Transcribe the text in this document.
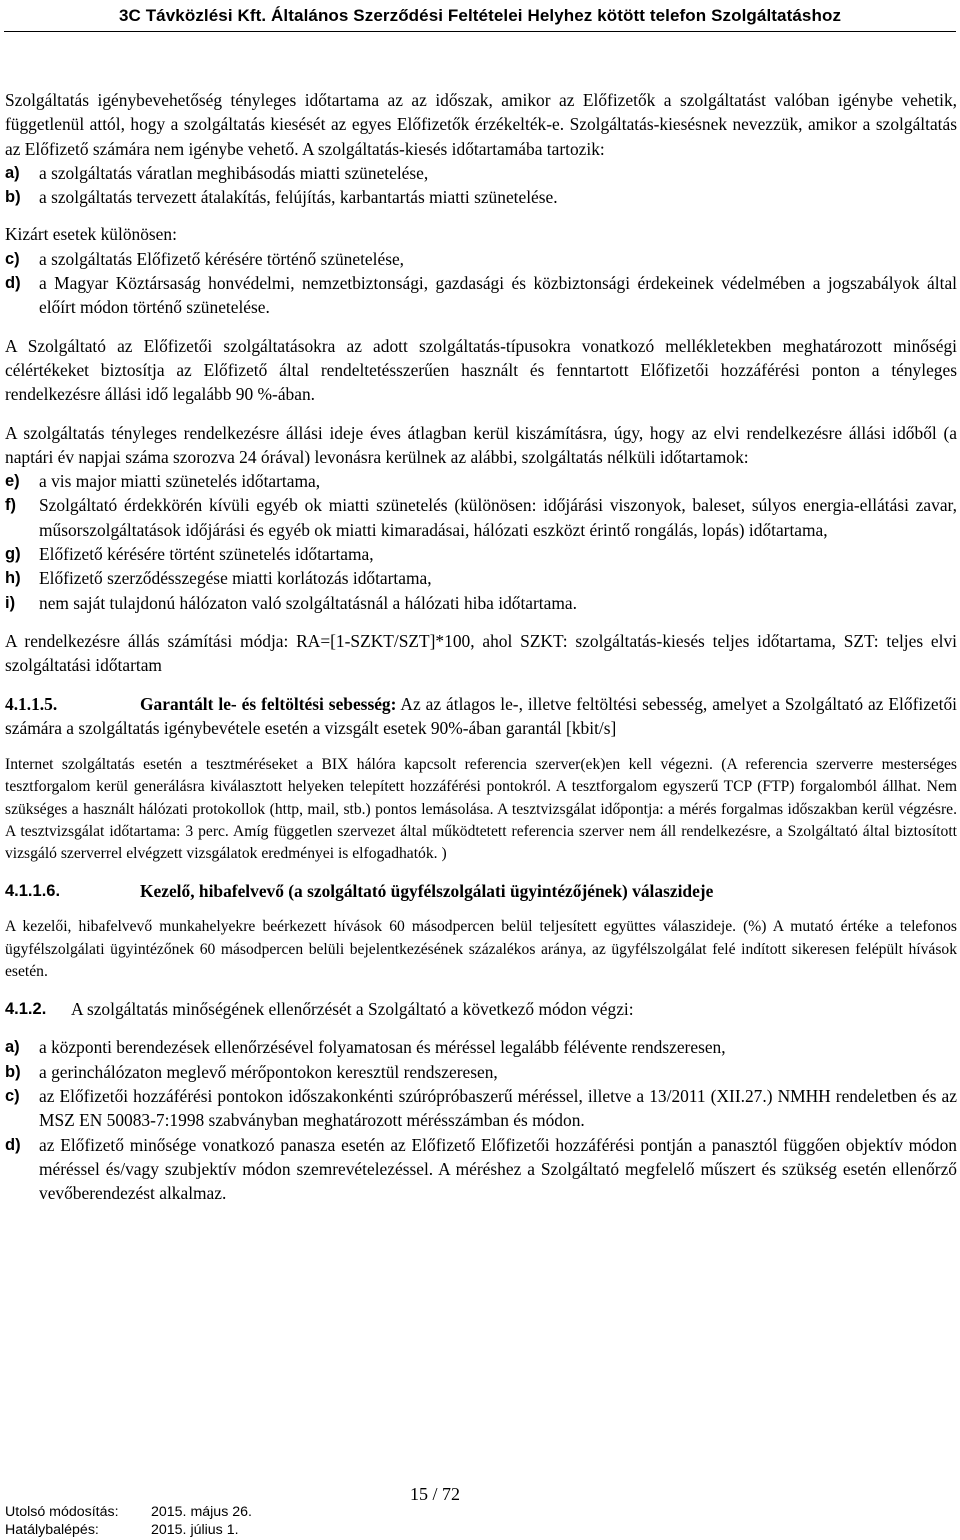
3C Távközlési Kft. Általános Szerződési Feltételei Helyhez kötött telefon Szolgáltatáshoz

Szolgáltatás igénybevehetőség tényleges időtartama az az időszak, amikor az Előfizetők a szolgáltatást valóban igénybe vehetik, függetlenül attól, hogy a szolgáltatás kiesését az egyes Előfizetők érzékelték-e. Szolgáltatás-kiesésnek nevezzük, amikor a szolgáltatás az Előfizető számára nem igénybe vehető. A szolgáltatás-kiesés időtartamába tartozik:

a)	a szolgáltatás váratlan meghibásodás miatti szünetelése,
b)	a szolgáltatás tervezett átalakítás, felújítás, karbantartás miatti szünetelése.

Kizárt esetek különösen:

c)	a szolgáltatás Előfizető kérésére történő szünetelése,
d)	a Magyar Köztársaság honvédelmi, nemzetbiztonsági, gazdasági és közbiztonsági érdekeinek védelmében a jogszabályok által előírt módon történő szünetelése.

A Szolgáltató az Előfizetői szolgáltatásokra az adott szolgáltatás-típusokra vonatkozó mellékletekben meghatározott minőségi célértékeket biztosítja az Előfizető által rendeltetésszerűen használt és fenntartott Előfizetői hozzáférési ponton a tényleges rendelkezésre állási idő legalább 90 %-ában.

A szolgáltatás tényleges rendelkezésre állási ideje éves átlagban kerül kiszámításra, úgy, hogy az elvi rendelkezésre állási időből (a naptári év napjai száma szorozva 24 órával) levonásra kerülnek az alábbi, szolgáltatás nélküli időtartamok:

e)	a vis major miatti szünetelés időtartama,
f)	Szolgáltató érdekkörén kívüli egyéb ok miatti szünetelés (különösen: időjárási viszonyok, baleset, súlyos energia-ellátási zavar, műsorszolgáltatások időjárási és egyéb ok miatti kimaradásai, hálózati eszközt érintő rongálás, lopás) időtartama,
g)	Előfizető kérésére történt szünetelés időtartama,
h)	Előfizető szerződésszegése miatti korlátozás időtartama,
i)	nem saját tulajdonú hálózaton való szolgáltatásnál a hálózati hiba időtartama.

A rendelkezésre állás számítási módja: RA=[1-SZKT/SZT]*100, ahol SZKT: szolgáltatás-kiesés teljes időtartama, SZT: teljes elvi szolgáltatási időtartam

4.1.1.5.	Garantált le- és feltöltési sebesség: Az az átlagos le-, illetve feltöltési sebesség, amelyet a Szolgáltató az Előfizetői számára a szolgáltatás igénybevétele esetén a vizsgált esetek 90%-ában garantál [kbit/s]

Internet szolgáltatás esetén a tesztméréseket a BIX hálóra kapcsolt referencia szerver(ek)en kell végezni. (A referencia szerverre mesterséges tesztforgalom kerül generálásra kiválasztott helyeken telepített hozzáférési pontokról. A tesztforgalom egyszerű TCP (FTP) forgalomból állhat. Nem szükséges a használt hálózati protokollok (http, mail, stb.) pontos lemásolása. A tesztvizsgálat időpontja: a mérés forgalmas időszakban kerül végzésre. A tesztvizsgálat időtartama: 3 perc. Amíg független szervezet által működtetett referencia szerver nem áll rendelkezésre, a Szolgáltató által biztosított vizsgáló szerverrel elvégzett vizsgálatok eredményei is elfogadhatók. )

4.1.1.6.	Kezelő, hibafelvevő (a szolgáltató ügyfélszolgálati ügyintézőjének) válaszideje

A kezelői, hibafelvevő munkahelyekre beérkezett hívások 60 másodpercen belül teljesített együttes válaszideje. (%) A mutató értéke a telefonos ügyfélszolgálati ügyintézőnek 60 másodpercen belüli bejelentkezésének százalékos aránya, az ügyfélszolgálat felé indított sikeresen felépült hívások esetén.

4.1.2.	A szolgáltatás minőségének ellenőrzését a Szolgáltató a következő módon végzi:
a)	a központi berendezések ellenőrzésével folyamatosan és méréssel legalább félévente rendszeresen,
b)	a gerinchálózaton meglevő mérőpontokon keresztül rendszeresen,
c)	az Előfizetői hozzáférési pontokon időszakonkénti szúrópróbaszerű méréssel, illetve a 13/2011 (XII.27.) NMHH rendeletben és az MSZ EN 50083-7:1998 szabványban meghatározott mérésszámban és módon.
d)	az Előfizető minősége vonatkozó panasza esetén az Előfizető Előfizetői hozzáférési pontján a panasztól függően objektív módon méréssel és/vagy szubjektív módon szemrevételezéssel. A méréshez a Szolgáltató megfelelő műszert és szükség esetén ellenőrző vevőberendezést alkalmaz.
15 / 72
Utolsó módosítás:	2015. május 26.
Hatálybalépés:	2015. július 1.
